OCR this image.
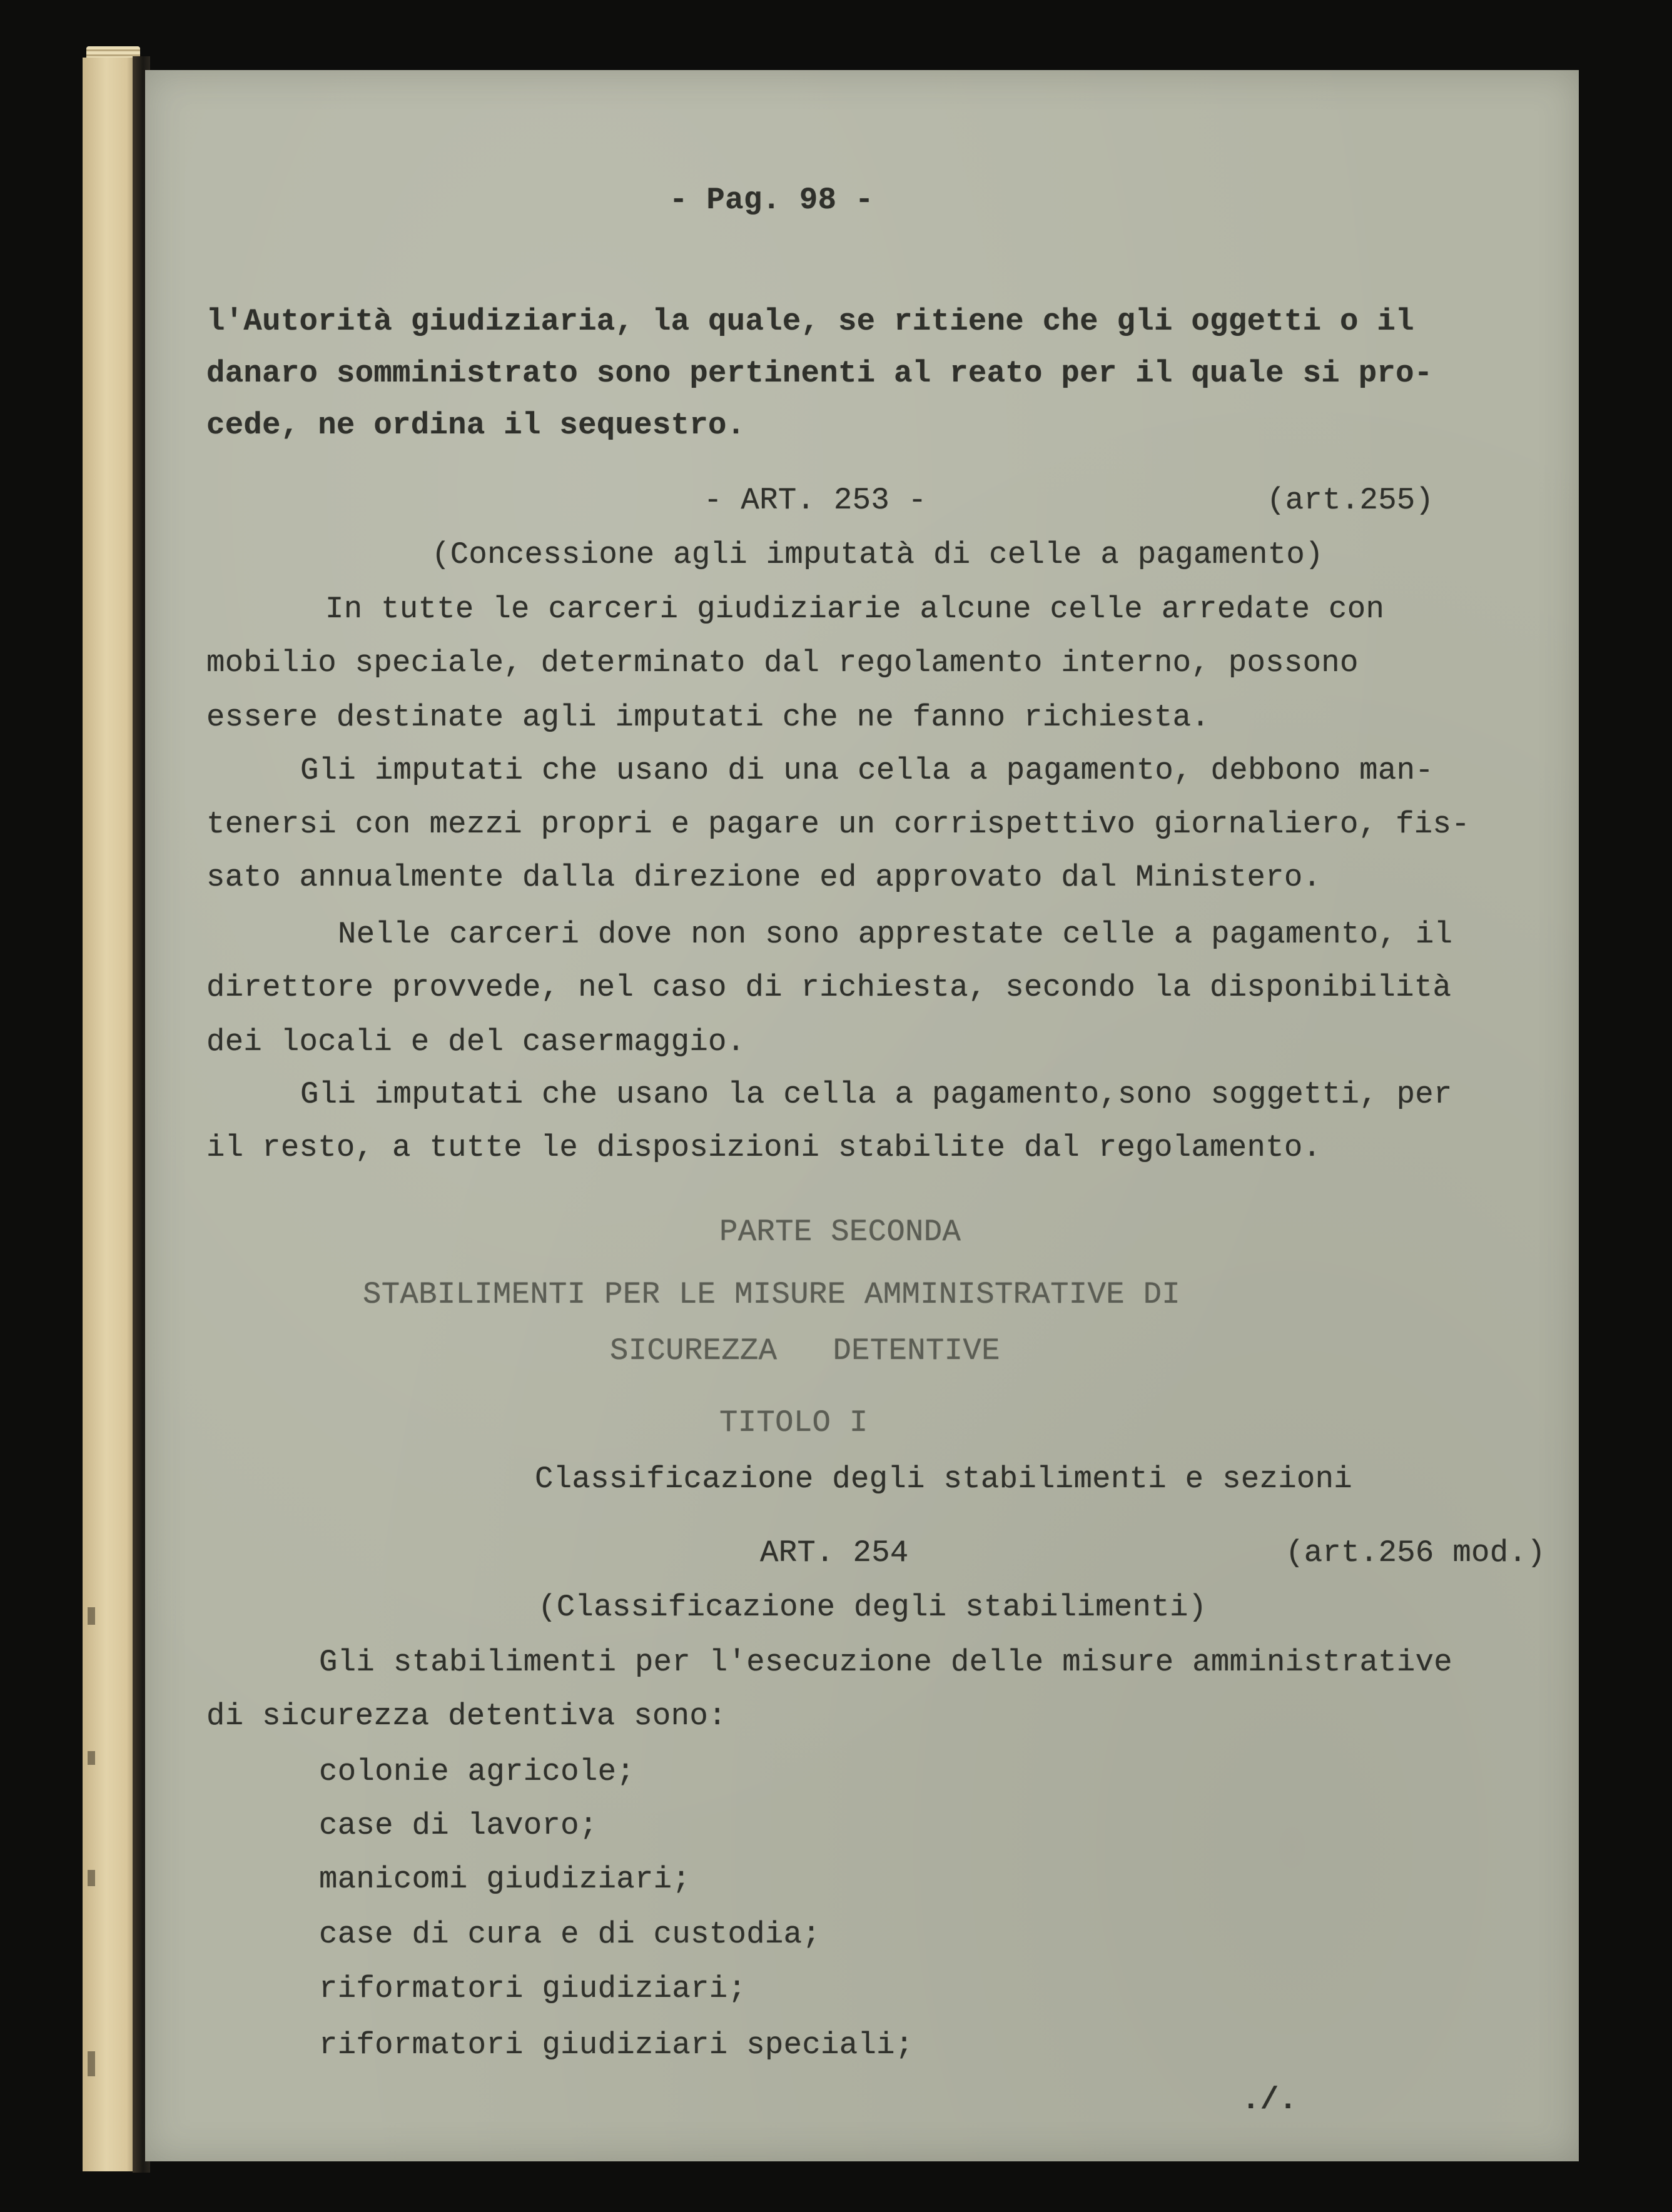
- Pag. 98 -

l'Autorità giudiziaria, la quale, se ritiene che gli oggetti o il

danaro somministrato sono pertinenti al reato per il quale si pro-

cede, ne ordina il sequestro.

- ART. 253 -	(art.255)

(Concessione agli imputatà di celle a pagamento)

In tutte le carceri giudiziarie alcune celle arredate con

mobilio speciale, determinato dal regolamento interno, possono

essere destinate agli imputati che ne fanno richiesta.

Gli imputati che usano di una cella a pagamento, debbono man-

tenersi con mezzi propri e pagare un corrispettivo giornaliero, fis-

sato annualmente dalla direzione ed approvato dal Ministero.

Nelle carceri dove non sono apprestate celle a pagamento, il

direttore provvede, nel caso di richiesta, secondo la disponibilità

dei locali e del casermaggio.

Gli imputati che usano la cella a pagamento,sono soggetti, per

il resto, a tutte le disposizioni stabilite dal regolamento.

PARTE SECONDA

STABILIMENTI PER LE MISURE AMMINISTRATIVE DI

SICUREZZA   DETENTIVE

TITOLO I

Classificazione degli stabilimenti e sezioni

ART. 254	(art.256 mod.)

(Classificazione degli stabilimenti)

Gli stabilimenti per l'esecuzione delle misure amministrative

di sicurezza detentiva sono:

colonie agricole;

case di lavoro;

manicomi giudiziari;

case di cura e di custodia;

riformatori giudiziari;

riformatori giudiziari speciali;

./.
